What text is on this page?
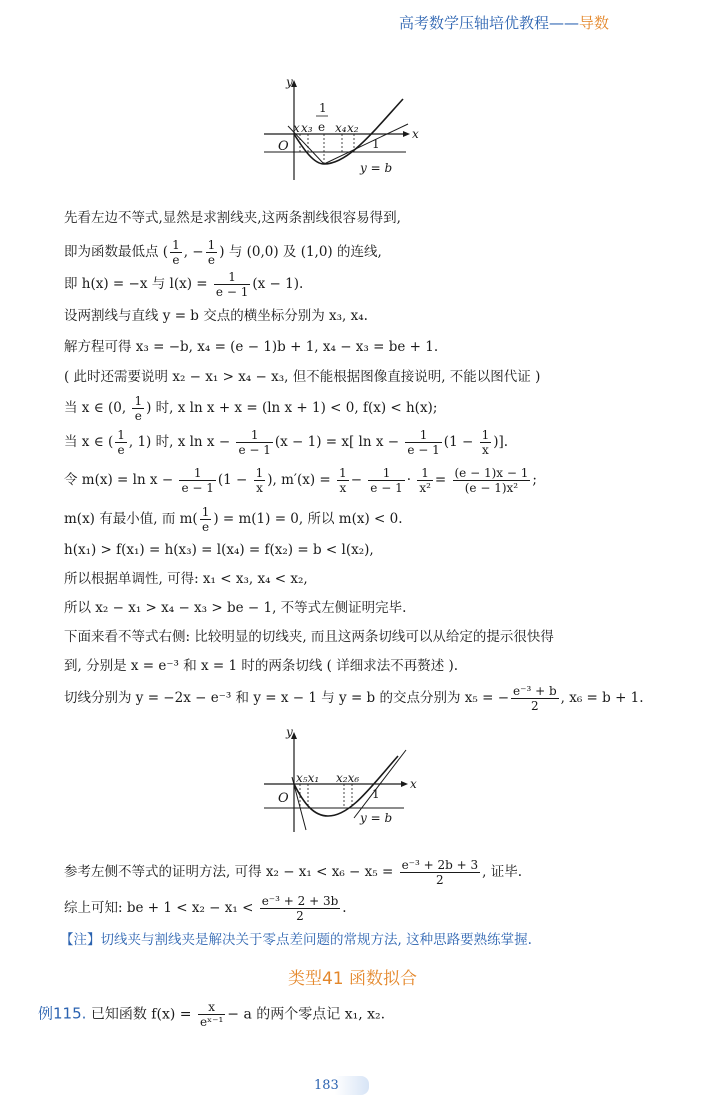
高考数学压轴培优教程——导数
y
x
O	1
x x₃
1
e x₄ x₂
y = b
先看左边不等式,显然是求割线夹,这两条割线很容易得到,
即为函数最低点 ( $\frac{1}{e}$ , − $\frac{1}{e}$ ) 与 (0,0) 及 (1,0) 的连线,
即 h(x) = −x 与 $l(x) = \frac{1}{e - 1} (x - 1)$.
设两割线与直线 y = b 交点的横坐标分别为 x₃, x₄.
解方程可得 x₃ = −b, x₄ = (e − 1)b + 1, x₄ − x₃ = be + 1.
( 此时还需要说明 x₂ − x₁ > x₄ − x₃, 但不能根据图像直接说明, 不能以图代证 )
当 x ∈ (0, $\frac{1}{e}$ ) 时, x ln x + x = (ln x + 1) < 0, f(x) < h(x);
当 x ∈ ( $\frac{1}{e}$ , 1) 时, x $\ln x - \frac{1}{e - 1} (x - 1) = x$[ $\ln x - \frac{1}{e - 1} (1 - \frac{1}{x}$ )].
令 $m(x) = \ln x - \frac{1}{e - 1} (1 - \frac{1}{x}$ ), $m'(x) = \frac{1}{x} - \frac{1}{e - 1} \cdot \frac{1}{\text{x²}} = \frac{(e - 1)x - 1}{\text{(e − 1)x²}}$ ;
m(x) 有最小值, 而 $m( \frac{1}{e}$ ) = m(1) = 0, 所以 m(x) < 0.
h(x₁) > f(x₁) = h(x₃) = l(x₄) = f(x₂) = b < l(x₂),
所以根据单调性, 可得: x₁ < x₃, x₄ < x₂,
所以 x₂ − x₁ > x₄ − x₃ > be − 1, 不等式左侧证明完毕.
下面来看不等式右侧: 比较明显的切线夹, 而且这两条切线可以从给定的提示很快得
到, 分别是 x = e⁻³ 和 x = 1 时的两条切线 ( 详细求法不再赘述 ).
切线分别为 y = −2x − e⁻³ 和 y = x − 1 与 y = b 的交点分别为 x₅ = − $\frac{\text{e⁻³ + b}}{2}$ , x₆ = b + 1.
y
x
O	1
x₅x₁ x₂x₆
y = b
参考左侧不等式的证明方法, 可得 $x_2 - x_1 < x_6 - x_5 = \frac{\text{e⁻³ + 2b + 3}}{2}$ , 证毕.
综上可知: be + $1 < x_2 - x_1 < \frac{\text{e⁻³ + 2 + 3b}}{2}$ .
【注】切线夹与割线夹是解决关于零点差问题的常规方法, 这种思路要熟练掌握.
类型41 函数拟合
例115. 已知函数 $f(x) = \frac{x}{\text{eˣ⁻¹}} - a$ 的两个零点记 x₁, x₂.
183
